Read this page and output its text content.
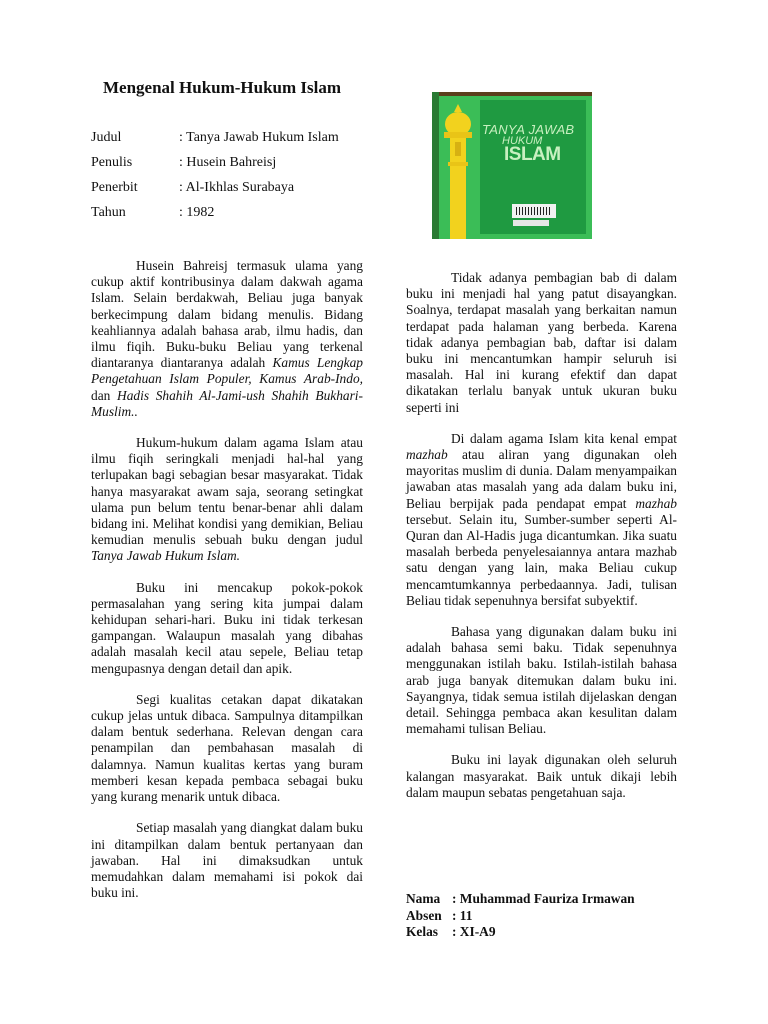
Mengenal Hukum-Hukum Islam
Judul	: Tanya Jawab Hukum Islam
Penulis	: Husein Bahreisj
Penerbit	: Al-Ikhlas Surabaya
Tahun	: 1982
TANYA JAWAB
HUKUM
ISLAM

Husein Bahreisj termasuk ulama yang cukup aktif kontribusinya dalam dakwah agama Islam. Selain berdakwah, Beliau juga banyak berkecimpung dalam bidang menulis. Bidang keahliannya adalah bahasa arab, ilmu hadis, dan ilmu fiqih. Buku-buku Beliau yang terkenal diantaranya diantaranya adalah Kamus Lengkap Pengetahuan Islam Populer, Kamus Arab-Indo, dan Hadis Shahih Al-Jami-ush Shahih Bukhari-Muslim..

Hukum-hukum dalam agama Islam atau ilmu fiqih seringkali menjadi hal-hal yang terlupakan bagi sebagian besar masyarakat. Tidak hanya masyarakat awam saja, seorang setingkat ulama pun belum tentu benar-benar ahli dalam bidang ini. Melihat kondisi yang demikian, Beliau kemudian menulis sebuah buku dengan judul Tanya Jawab Hukum Islam.

Buku ini mencakup pokok-pokok permasalahan yang sering kita jumpai dalam kehidupan sehari-hari. Buku ini tidak terkesan gampangan. Walaupun masalah yang dibahas adalah masalah kecil atau sepele, Beliau tetap mengupasnya dengan detail dan apik.

Segi kualitas cetakan dapat dikatakan cukup jelas untuk dibaca. Sampulnya ditampilkan dalam bentuk sederhana. Relevan dengan cara penampilan dan pembahasan masalah di dalamnya. Namun kualitas kertas yang buram memberi kesan kepada pembaca sebagai buku yang kurang menarik untuk dibaca.

Setiap masalah yang diangkat dalam buku ini ditampilkan dalam bentuk pertanyaan dan jawaban. Hal ini dimaksudkan untuk memudahkan dalam memahami isi pokok dai buku ini.

Tidak adanya pembagian bab di dalam buku ini menjadi hal yang patut disayangkan. Soalnya, terdapat masalah yang berkaitan namun terdapat pada halaman yang berbeda. Karena tidak adanya pembagian bab, daftar isi dalam buku ini mencantumkan hampir seluruh isi masalah. Hal ini kurang efektif dan dapat dikatakan terlalu banyak untuk ukuran buku seperti ini

Di dalam agama Islam kita kenal empat mazhab atau aliran yang digunakan oleh mayoritas muslim di dunia. Dalam menyampaikan jawaban atas masalah yang ada dalam buku ini, Beliau berpijak pada pendapat empat mazhab tersebut. Selain itu, Sumber-sumber seperti Al-Quran dan Al-Hadis juga dicantumkan. Jika suatu masalah berbeda penyelesaiannya antara mazhab satu dengan yang lain, maka Beliau cukup mencamtumkannya perbedaannya. Jadi, tulisan Beliau tidak sepenuhnya bersifat subyektif.

Bahasa yang digunakan dalam buku ini adalah bahasa semi baku. Tidak sepenuhnya menggunakan istilah baku. Istilah-istilah bahasa arab juga banyak ditemukan dalam buku ini. Sayangnya, tidak semua istilah dijelaskan dengan detail. Sehingga pembaca akan kesulitan dalam memahami tulisan Beliau.

Buku ini layak digunakan oleh seluruh kalangan masyarakat. Baik untuk dikaji lebih dalam maupun sebatas pengetahuan saja.

Nama : Muhammad Fauriza Irmawan
Absen : 11
Kelas	: XI-A9
